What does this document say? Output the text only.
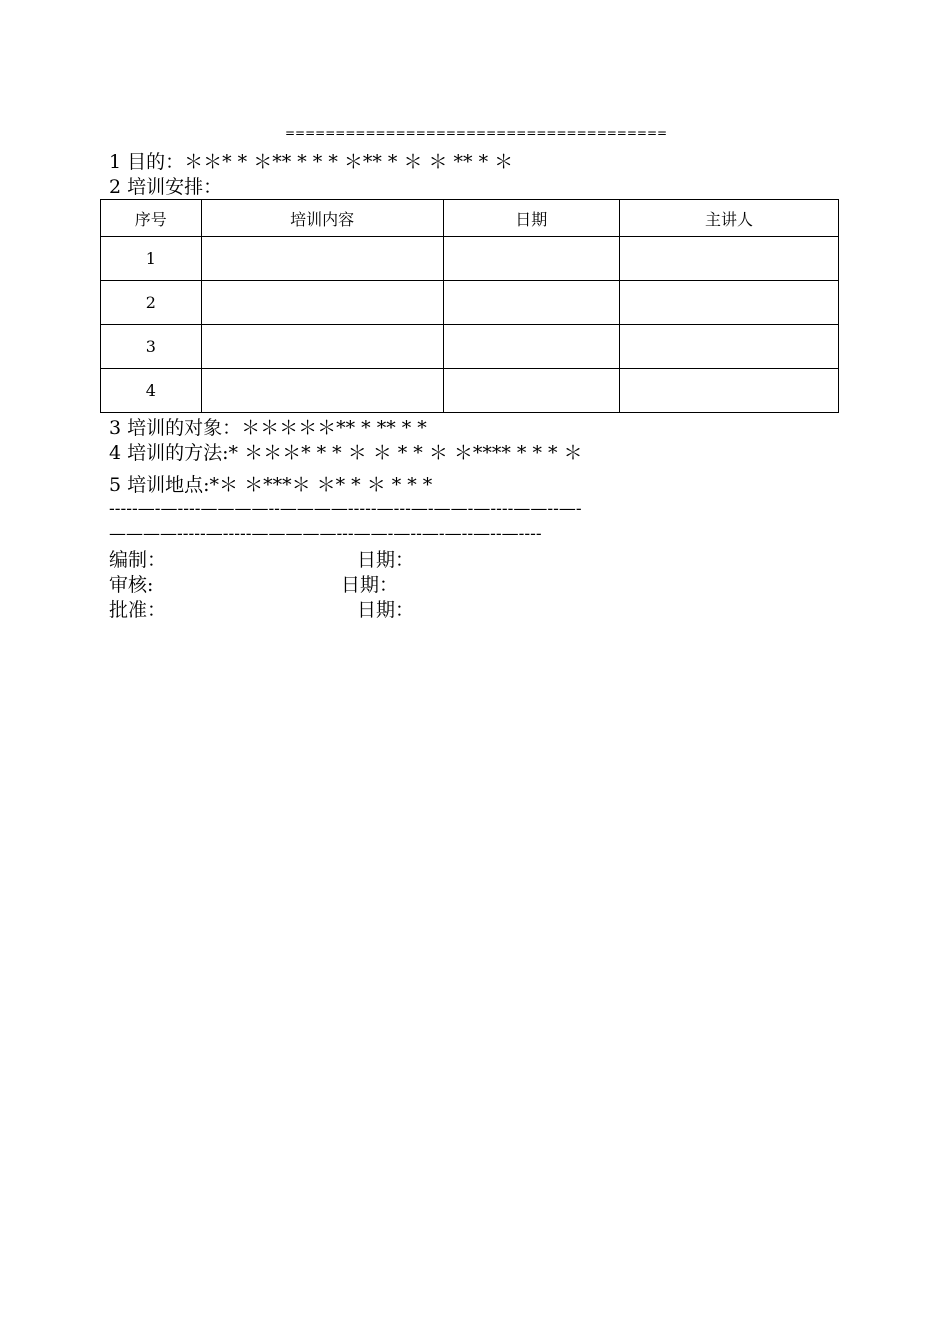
======================================
1 目的：＊＊* * ＊** * * * ＊** * ＊ ＊ ** * ＊
2 培训安排：
序号	培训内容	日期	主讲人
1			
2			
3			
4			
3 培训的对象：＊＊＊＊＊** * ** * *
4 培训的方法:* ＊＊＊* * * ＊ ＊ * * ＊ ＊**** * * * ＊
5 培训地点:*＊ ＊***＊ ＊* * ＊ * * *
-----—-—----————--————-----—---—-——-—----——--—-
————-----—-----—————---——-—--—-—--—--—----
编制：	日期：
审核:	日期：
批准：	日期：
